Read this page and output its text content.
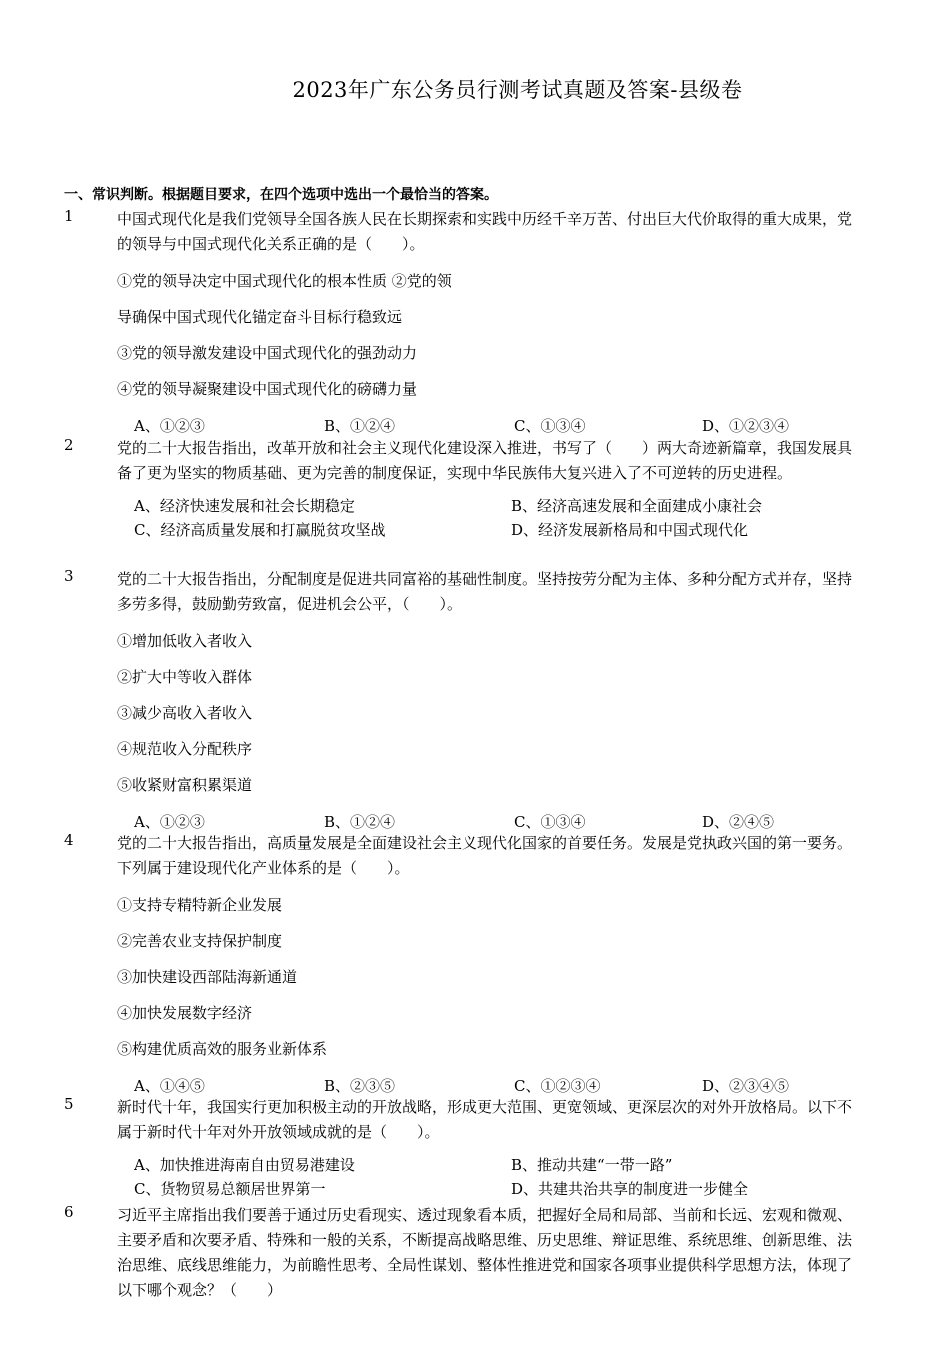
2023年广东公务员行测考试真题及答案-县级卷
一、常识判断。根据题目要求，在四个选项中选出一个最恰当的答案。
1	中国式现代化是我们党领导全国各族人民在长期探索和实践中历经千辛万苦、付出巨大代价取得的重大成果，党的领导与中国式现代化关系正确的是（　　）。
①党的领导决定中国式现代化的根本性质 ②党的领
导确保中国式现代化锚定奋斗目标行稳致远
③党的领导激发建设中国式现代化的强劲动力
④党的领导凝聚建设中国式现代化的磅礴力量
A、①②③	B、①②④	C、①③④	D、①②③④
2	党的二十大报告指出，改革开放和社会主义现代化建设深入推进，书写了（　　）两大奇迹新篇章，我国发展具备了更为坚实的物质基础、更为完善的制度保证，实现中华民族伟大复兴进入了不可逆转的历史进程。
A、经济快速发展和社会长期稳定	B、经济高速发展和全面建成小康社会
C、经济高质量发展和打赢脱贫攻坚战	D、经济发展新格局和中国式现代化
3	党的二十大报告指出，分配制度是促进共同富裕的基础性制度。坚持按劳分配为主体、多种分配方式并存，坚持多劳多得，鼓励勤劳致富，促进机会公平，（　　）。
①增加低收入者收入
②扩大中等收入群体
③减少高收入者收入
④规范收入分配秩序
⑤收紧财富积累渠道
A、①②③	B、①②④	C、①③④	D、②④⑤
4	党的二十大报告指出，高质量发展是全面建设社会主义现代化国家的首要任务。发展是党执政兴国的第一要务。下列属于建设现代化产业体系的是（　　）。
①支持专精特新企业发展
②完善农业支持保护制度
③加快建设西部陆海新通道
④加快发展数字经济
⑤构建优质高效的服务业新体系
A、①④⑤	B、②③⑤	C、①②③④	D、②③④⑤
5	新时代十年，我国实行更加积极主动的开放战略，形成更大范围、更宽领域、更深层次的对外开放格局。以下不属于新时代十年对外开放领域成就的是（　　）。
A、加快推进海南自由贸易港建设	B、推动共建“一带一路”
C、货物贸易总额居世界第一	D、共建共治共享的制度进一步健全
6	习近平主席指出我们要善于通过历史看现实、透过现象看本质，把握好全局和局部、当前和长远、宏观和微观、主要矛盾和次要矛盾、特殊和一般的关系，不断提高战略思维、历史思维、辩证思维、系统思维、创新思维、法治思维、底线思维能力，为前瞻性思考、全局性谋划、整体性推进党和国家各项事业提供科学思想方法，体现了以下哪个观念？（　　）
